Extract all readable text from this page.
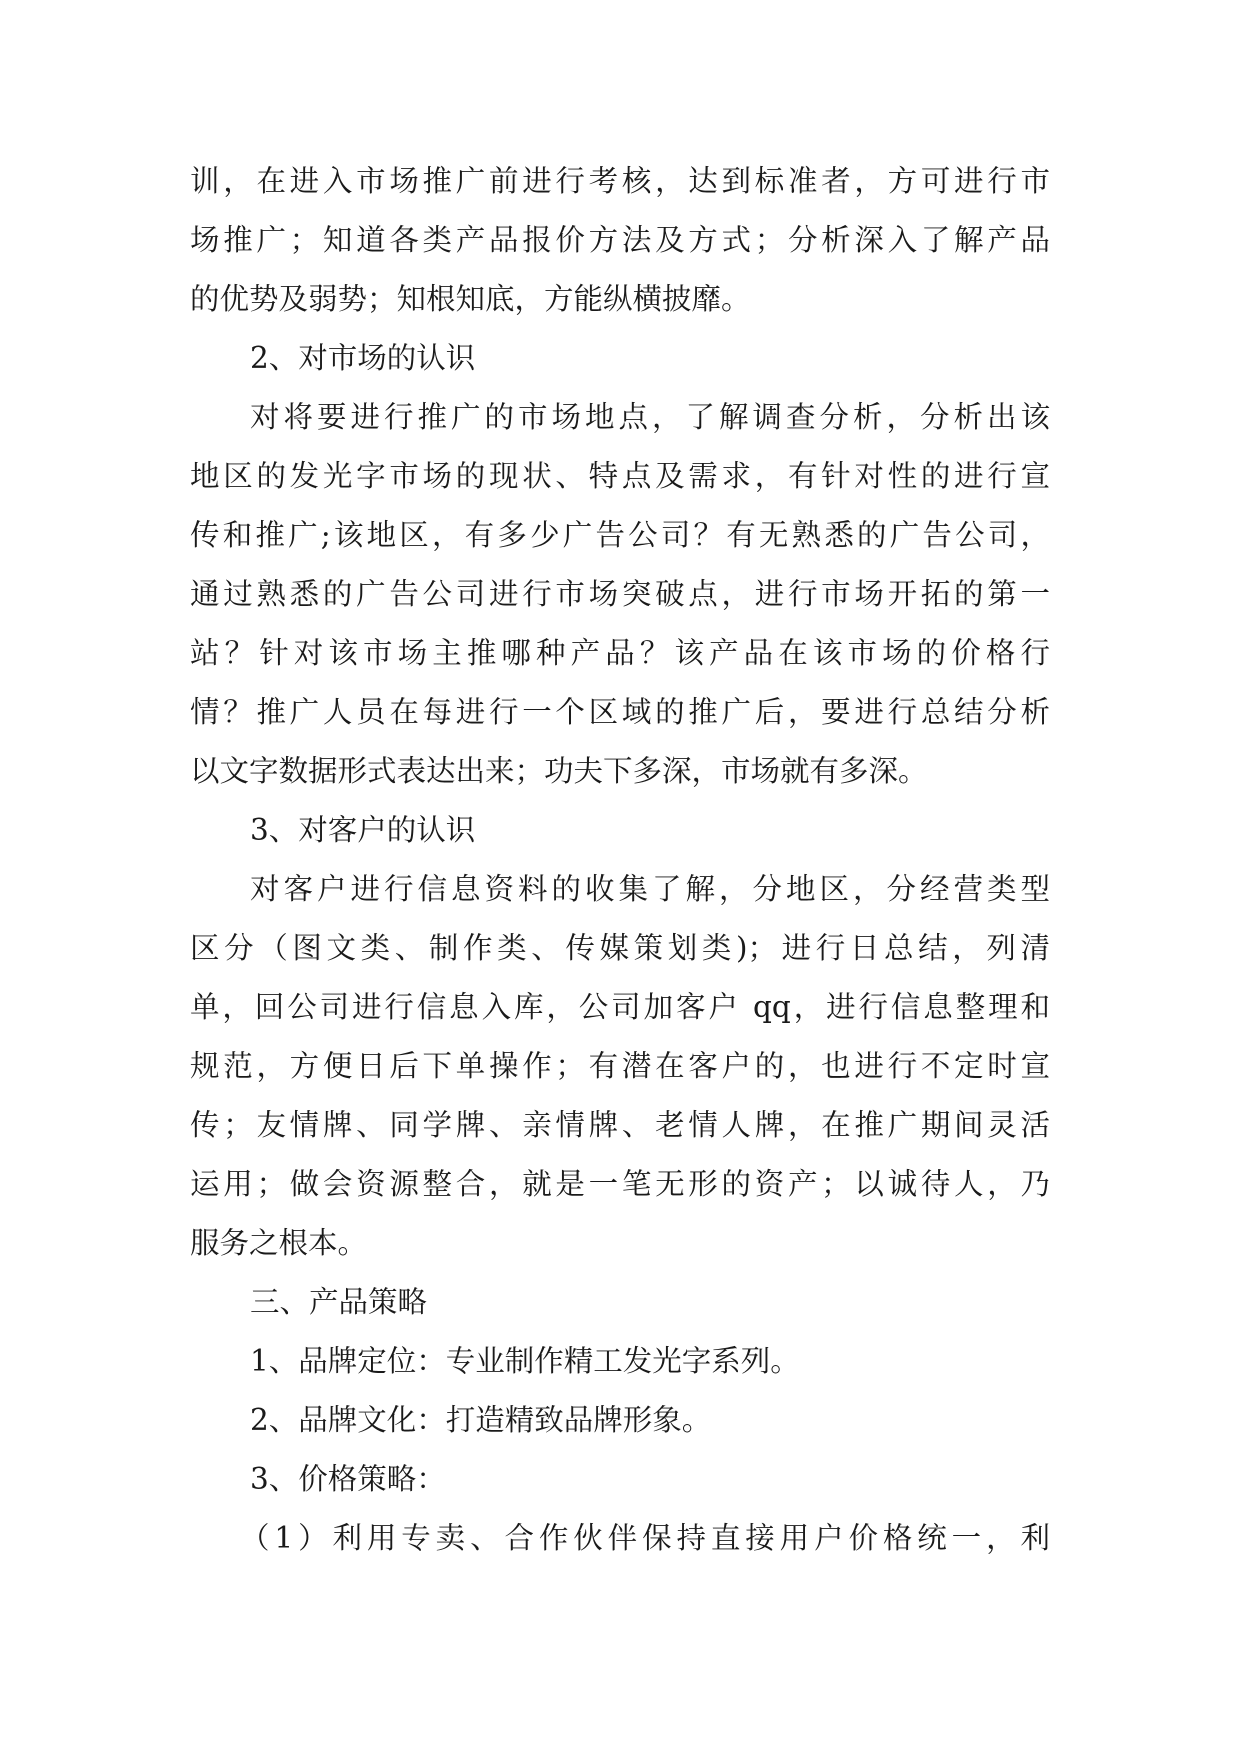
训，在进入市场推广前进行考核，达到标准者，方可进行市
场推广；知道各类产品报价方法及方式；分析深入了解产品
的优势及弱势；知根知底，方能纵横披靡。
2、对市场的认识
对将要进行推广的市场地点，了解调查分析，分析出该
地区的发光字市场的现状、特点及需求，有针对性的进行宣
传和推广;该地区，有多少广告公司？有无熟悉的广告公司，
通过熟悉的广告公司进行市场突破点，进行市场开拓的第一
站？针对该市场主推哪种产品？该产品在该市场的价格行
情？推广人员在每进行一个区域的推广后，要进行总结分析
以文字数据形式表达出来；功夫下多深，市场就有多深。
3、对客户的认识
对客户进行信息资料的收集了解，分地区，分经营类型
区分（图文类、制作类、传媒策划类)；进行日总结，列清
单，回公司进行信息入库，公司加客户 qq，进行信息整理和
规范，方便日后下单操作；有潜在客户的，也进行不定时宣
传；友情牌、同学牌、亲情牌、老情人牌，在推广期间灵活
运用；做会资源整合，就是一笔无形的资产；以诚待人，乃
服务之根本。
三、产品策略
1、品牌定位：专业制作精工发光字系列。
2、品牌文化：打造精致品牌形象。
3、价格策略：
（1）利用专卖、合作伙伴保持直接用户价格统一，利
